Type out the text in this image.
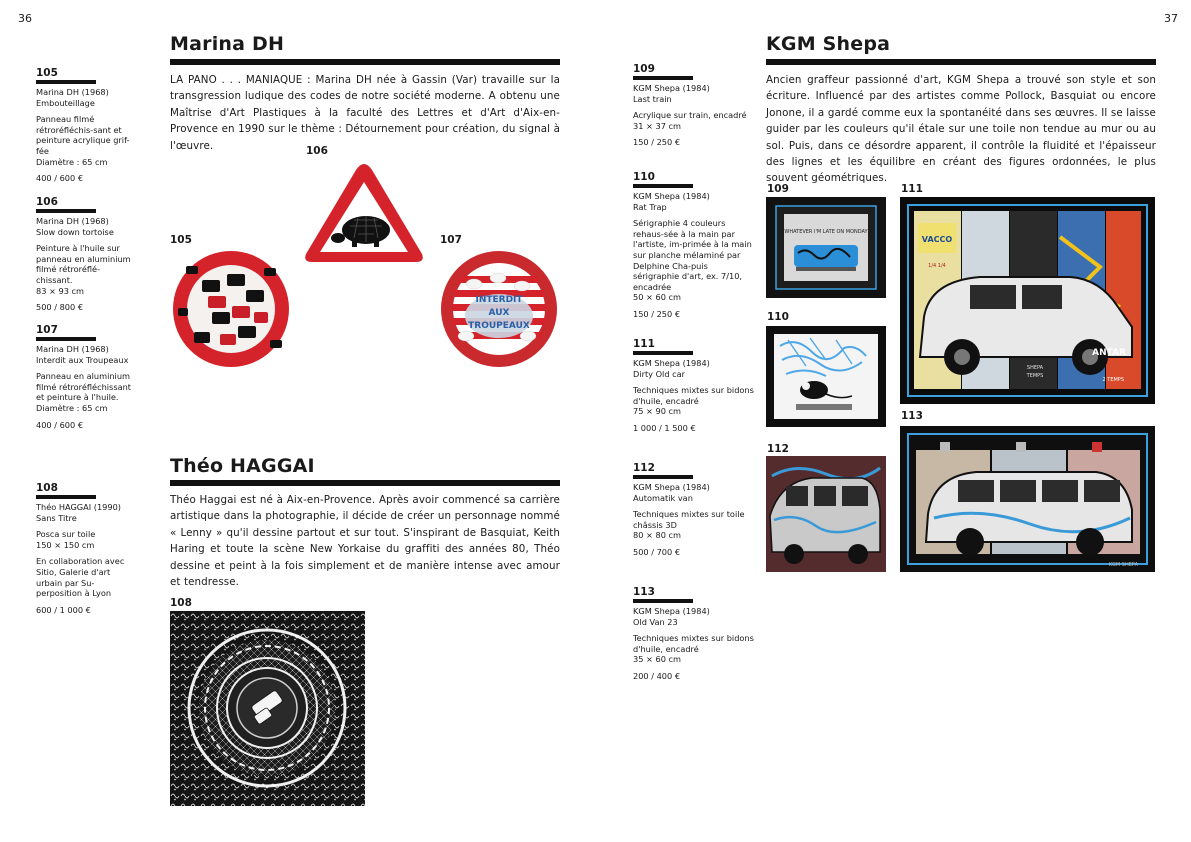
36	37
Marina DH
LA PANO . . . MANIAQUE : Marina DH née à Gassin (Var) travaille sur la transgression ludique des codes de notre société moderne. A obtenu une Maîtrise d'Art Plastiques à la faculté des Lettres et d'Art d'Aix-en-Provence en 1990 sur le thème : Détournement pour création, du signal à l'œuvre.
105

Marina DH (1968)

Embouteillage

Panneau filmé rétroréfléchis-sant et peinture acrylique grif-fée

Diamètre : 65 cm

400 / 600 €

106

Marina DH (1968)

Slow down tortoise

Peinture à l'huile sur panneau en aluminium filmé rétroréflé-chissant.

83 × 93 cm

500 / 800 €

107

Marina DH (1968)

Interdit aux Troupeaux

Panneau en aluminium filmé rétroréfléchissant et peinture à l'huile.

Diamètre : 65 cm

400 / 600 €

105
106
107
INTERDIT
AUX
TROUPEAUX
Théo HAGGAI
Théo Haggai est né à Aix-en-Provence. Après avoir commencé sa carrière artistique dans la photographie, il décide de créer un personnage nommé « Lenny » qu'il dessine partout et sur tout. S'inspirant de Basquiat, Keith Haring et toute la scène New Yorkaise du graffiti des années 80, Théo dessine et peint à la fois simplement et de manière intense avec amour et tendresse.
108

Théo HAGGAI (1990)

Sans Titre

Posca sur toile

150 × 150 cm

En collaboration avec Sitio, Galerie d'art urbain par Su-perposition à Lyon

600 / 1 000 €

108
KGM Shepa
Ancien graffeur passionné d'art, KGM Shepa a trouvé son style et son écriture. Influencé par des artistes comme Pollock, Basquiat ou encore Jonone, il a gardé comme eux la spontanéité dans ses œuvres. Il se laisse guider par les couleurs qu'il étale sur une toile non tendue au mur ou au sol. Puis, dans ce désordre apparent, il contrôle la fluidité et l'épaisseur des lignes et les équilibre en créant des figures ordonnées, le plus souvent géométriques.
109

KGM Shepa (1984)

Last train

Acrylique sur train, encadré

31 × 37 cm

150 / 250 €

110

KGM Shepa (1984)

Rat Trap

Sérigraphie 4 couleurs rehaus-sée à la main par l'artiste, im-primée à la main sur planche mélaminé par Delphine Cha-puis sérigraphie d'art, ex. 7/10, encadrée

50 × 60 cm

150 / 250 €

111

KGM Shepa (1984)

Dirty Old car

Techniques mixtes sur bidons d'huile, encadré

75 × 90 cm

1 000 / 1 500 €

112

KGM Shepa (1984)

Automatik van

Techniques mixtes sur toile châssis 3D

80 × 80 cm

500 / 700 €

113

KGM Shepa (1984)

Old Van 23

Techniques mixtes sur bidons d'huile, encadré

35 × 60 cm

200 / 400 €

109	111
110
113
112
WHATEVER I'M LATE ON MONDAY
VACCO
1/4 1/4
ANTAR
2 TEMPS
SHEPA
TEMPS
KGM SHEPA
